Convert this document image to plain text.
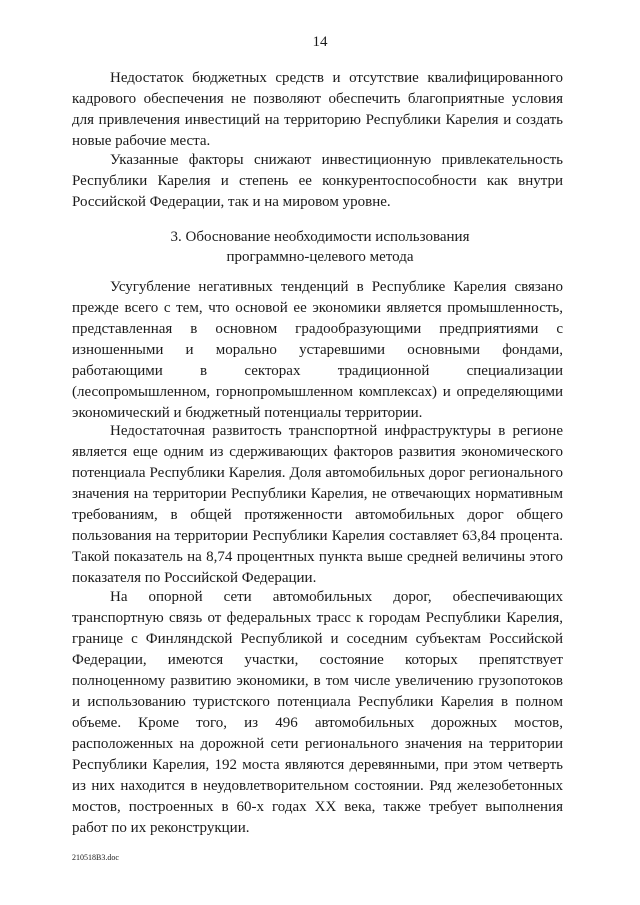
14

Недостаток бюджетных средств и отсутствие квалифицированного кадрового обеспечения не позволяют обеспечить благоприятные условия для привлечения инвестиций на территорию Республики Карелия и создать новые рабочие места.

Указанные факторы снижают инвестиционную привлекательность Республики Карелия и степень ее конкурентоспособности как внутри Российской Федерации, так и на мировом уровне.

3. Обоснование необходимости использования
программно-целевого метода

Усугубление негативных тенденций в Республике Карелия связано прежде всего с тем, что основой ее экономики является промышленность, представленная в основном градообразующими предприятиями с изношенными и морально устаревшими основными фондами, работающими в секторах традиционной специализации (лесопромышленном, горнопромышленном комплексах) и определяющими экономический и бюджетный потенциалы территории.

Недостаточная развитость транспортной инфраструктуры в регионе является еще одним из сдерживающих факторов развития экономического потенциала Республики Карелия. Доля автомобильных дорог регионального значения на территории Республики Карелия, не отвечающих нормативным требованиям, в общей протяженности автомобильных дорог общего пользования на территории Республики Карелия составляет 63,84 процента. Такой показатель на 8,74 процентных пункта выше средней величины этого показателя по Российской Федерации.

На опорной сети автомобильных дорог, обеспечивающих транспортную связь от федеральных трасс к городам Республики Карелия, границе с Финляндской Республикой и соседним субъектам Российской Федерации, имеются участки, состояние которых препятствует полноценному развитию экономики, в том числе увеличению грузопотоков и использованию туристского потенциала Республики Карелия в полном объеме. Кроме того, из 496 автомобильных дорожных мостов, расположенных на дорожной сети регионального значения на территории Республики Карелия, 192 моста являются деревянными, при этом четверть из них находится в неудовлетворительном состоянии. Ряд железобетонных мостов, построенных в 60-х годах XX века, также требует выполнения работ по их реконструкции.

210518B3.doc
